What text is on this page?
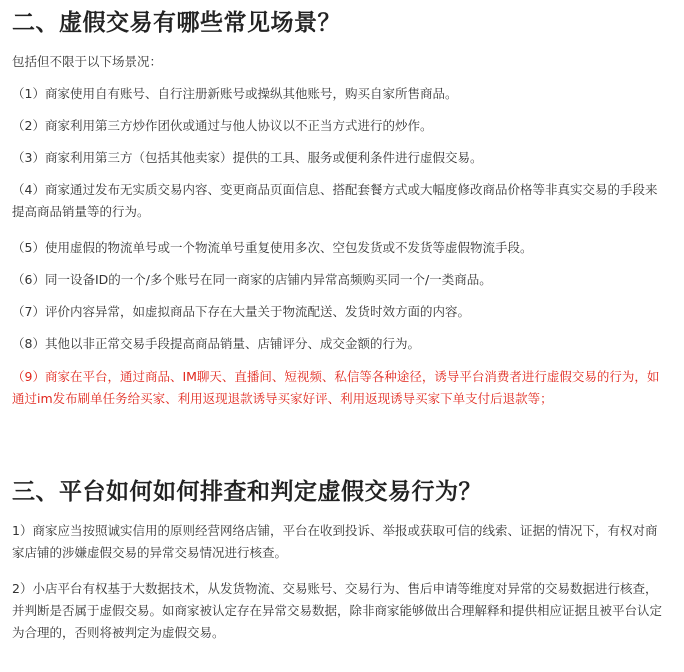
二、虚假交易有哪些常见场景？

包括但不限于以下场景况：

（1）商家使用自有账号、自行注册新账号或操纵其他账号，购买自家所售商品。

（2）商家利用第三方炒作团伙或通过与他人协议以不正当方式进行的炒作。

（3）商家利用第三方（包括其他卖家）提供的工具、服务或便利条件进行虚假交易。

（4）商家通过发布无实质交易内容、变更商品页面信息、搭配套餐方式或大幅度修改商品价格等非真实交易的手段来提高商品销量等的行为。

（5）使用虚假的物流单号或一个物流单号重复使用多次、空包发货或不发货等虚假物流手段。

（6）同一设备ID的一个/多个账号在同一商家的店铺内异常高频购买同一个/一类商品。

（7）评价内容异常，如虚拟商品下存在大量关于物流配送、发货时效方面的内容。

（8）其他以非正常交易手段提高商品销量、店铺评分、成交金额的行为。

（9）商家在平台，通过商品、IM聊天、直播间、短视频、私信等各种途径，诱导平台消费者进行虚假交易的行为，如通过im发布刷单任务给买家、利用返现退款诱导买家好评、利用返现诱导买家下单支付后退款等；

三、平台如何如何排查和判定虚假交易行为？

1）商家应当按照诚实信用的原则经营网络店铺，平台在收到投诉、举报或获取可信的线索、证据的情况下，有权对商家店铺的涉嫌虚假交易的异常交易情况进行核查。

2）小店平台有权基于大数据技术，从发货物流、交易账号、交易行为、售后申请等维度对异常的交易数据进行核查，并判断是否属于虚假交易。如商家被认定存在异常交易数据，除非商家能够做出合理解释和提供相应证据且被平台认定为合理的，否则将被判定为虚假交易。
